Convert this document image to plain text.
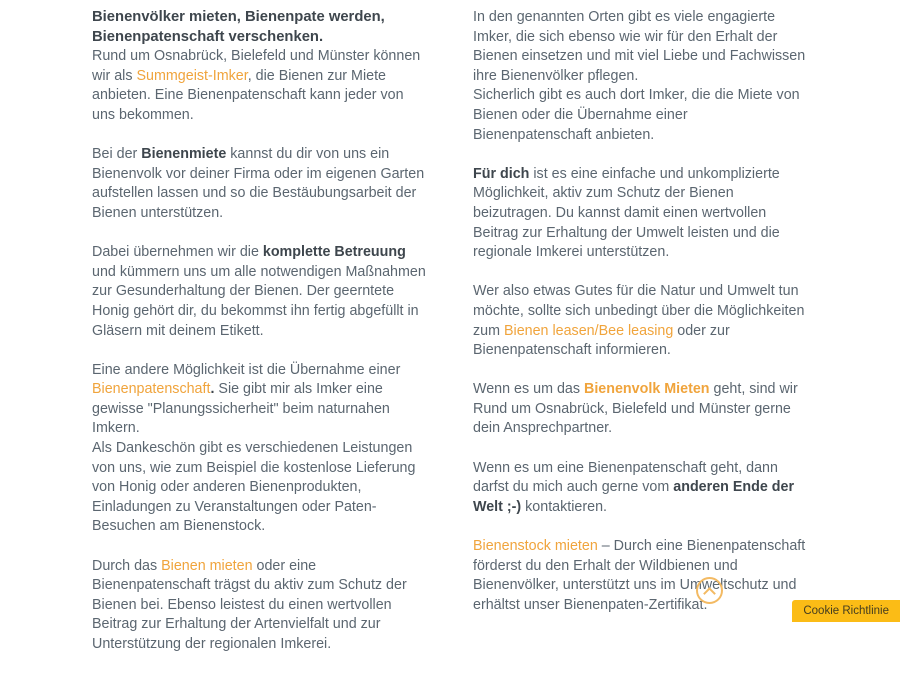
Bienenvölker mieten, Bienenpate werden, Bienenpatenschaft verschenken.

Rund um Osnabrück, Bielefeld und Münster können wir als Summgeist-Imker, die Bienen zur Miete anbieten. Eine Bienenpatenschaft kann jeder von uns bekommen.

Bei der Bienenmiete kannst du dir von uns ein Bienenvolk vor deiner Firma oder im eigenen Garten aufstellen lassen und so die Bestäubungsarbeit der Bienen unterstützen.

Dabei übernehmen wir die komplette Betreuung und kümmern uns um alle notwendigen Maßnahmen zur Gesunderhaltung der Bienen. Der geerntete Honig gehört dir, du bekommst ihn fertig abgefüllt in Gläsern mit deinem Etikett.

Eine andere Möglichkeit ist die Übernahme einer Bienenpatenschaft. Sie gibt mir als Imker eine gewisse "Planungssicherheit" beim naturnahen Imkern.
Als Dankeschön gibt es verschiedenen Leistungen von uns, wie zum Beispiel die kostenlose Lieferung von Honig oder anderen Bienenprodukten, Einladungen zu Veranstaltungen oder Paten-Besuchen am Bienenstock.

Durch das Bienen mieten oder eine Bienenpatenschaft trägst du aktiv zum Schutz der Bienen bei. Ebenso leistest du einen wertvollen Beitrag zur Erhaltung der Artenvielfalt und zur Unterstützung der regionalen Imkerei.

In den genannten Orten gibt es viele engagierte Imker, die sich ebenso wie wir für den Erhalt der Bienen einsetzen und mit viel Liebe und Fachwissen ihre Bienenvölker pflegen.
Sicherlich gibt es auch dort Imker, die die Miete von Bienen oder die Übernahme einer Bienenpatenschaft anbieten.

Für dich ist es eine einfache und unkomplizierte Möglichkeit, aktiv zum Schutz der Bienen beizutragen. Du kannst damit einen wertvollen Beitrag zur Erhaltung der Umwelt leisten und die regionale Imkerei unterstützen.

Wer also etwas Gutes für die Natur und Umwelt tun möchte, sollte sich unbedingt über die Möglichkeiten zum Bienen leasen/Bee leasing oder zur Bienenpatenschaft informieren.

Wenn es um das Bienenvolk Mieten geht, sind wir Rund um Osnabrück, Bielefeld und Münster gerne dein Ansprechpartner.

Wenn es um eine Bienenpatenschaft geht, dann darfst du mich auch gerne vom anderen Ende der Welt ;-) kontaktieren.

Bienenstock mieten – Durch eine Bienenpatenschaft förderst du den Erhalt der Wildbienen und Bienenvölker, unterstützt uns im Umweltschutz und erhältst unser Bienenpaten-Zertifikat.	Cookie Richtlinie
